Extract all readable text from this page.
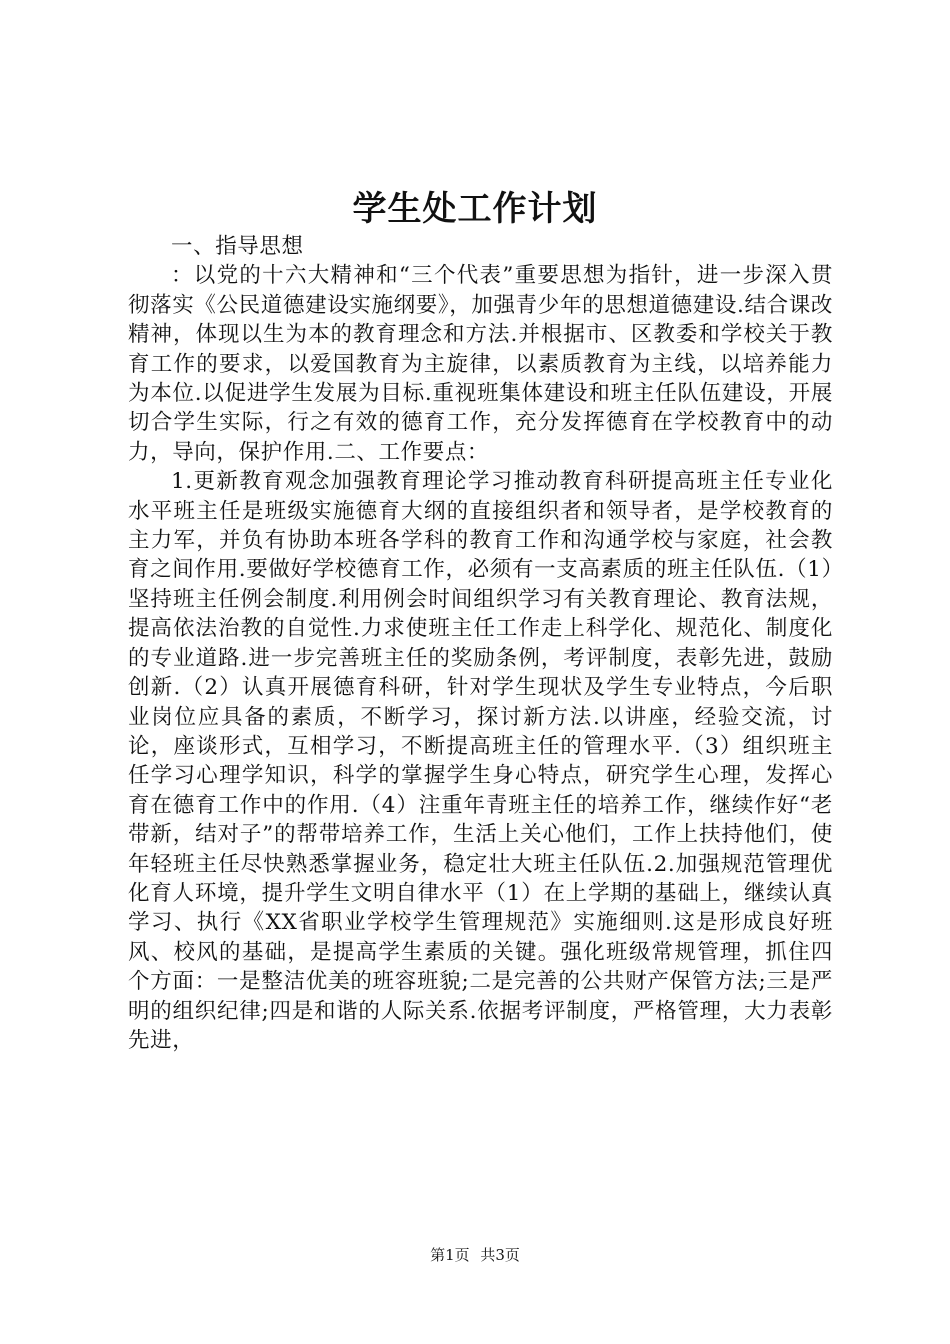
学生处工作计划

一、指导思想

：以党的十六大精神和“三个代表”重要思想为指针，进一步深入贯彻落实《公民道德建设实施纲要》，加强青少年的思想道德建设.结合课改精神，体现以生为本的教育理念和方法.并根据市、区教委和学校关于教育工作的要求，以爱国教育为主旋律，以素质教育为主线，以培养能力为本位.以促进学生发展为目标.重视班集体建设和班主任队伍建设，开展切合学生实际，行之有效的德育工作，充分发挥德育在学校教育中的动力，导向，保护作用.二、工作要点：

1.更新教育观念加强教育理论学习推动教育科研提高班主任专业化水平班主任是班级实施德育大纲的直接组织者和领导者，是学校教育的主力军，并负有协助本班各学科的教育工作和沟通学校与家庭，社会教育之间作用.要做好学校德育工作，必须有一支高素质的班主任队伍.（1）坚持班主任例会制度.利用例会时间组织学习有关教育理论、教育法规，提高依法治教的自觉性.力求使班主任工作走上科学化、规范化、制度化的专业道路.进一步完善班主任的奖励条例，考评制度，表彰先进，鼓励创新.（2）认真开展德育科研，针对学生现状及学生专业特点，今后职业岗位应具备的素质，不断学习，探讨新方法.以讲座，经验交流，讨论，座谈形式，互相学习，不断提高班主任的管理水平.（3）组织班主任学习心理学知识，科学的掌握学生身心特点，研究学生心理，发挥心育在德育工作中的作用.（4）注重年青班主任的培养工作，继续作好“老带新，结对子”的帮带培养工作，生活上关心他们，工作上扶持他们，使年轻班主任尽快熟悉掌握业务，稳定壮大班主任队伍.2.加强规范管理优化育人环境，提升学生文明自律水平（1）在上学期的基础上，继续认真学习、执行《XX省职业学校学生管理规范》实施细则.这是形成良好班风、校风的基础，是提高学生素质的关键。强化班级常规管理，抓住四个方面：一是整洁优美的班容班貌;二是完善的公共财产保管方法;三是严明的组织纪律;四是和谐的人际关系.依据考评制度，严格管理，大力表彰先进，

第1页 共3页
